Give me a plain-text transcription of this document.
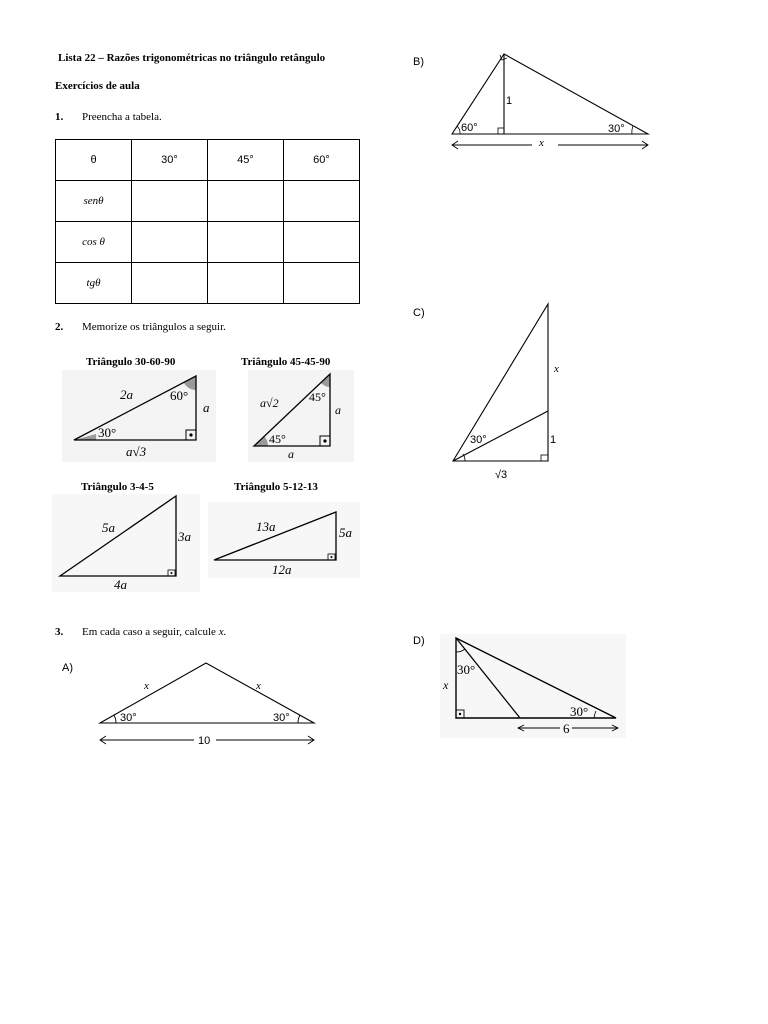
Lista 22 – Razões trigonométricas no triângulo retângulo
Exercícios de aula
1. Preencha a tabela.
θ	30°	45°	60°
senθ			
cos θ			
tgθ			
2. Memorize os triângulos a seguir.
Triângulo 30-60-90	Triângulo 45-45-90
Triângulo 3-4-5	Triângulo 5-12-13
2a	60°
a
30°
a√3
a√2	45°
a
45°
a
5a
3a
4a
13a	5a
12a
3. Em cada caso a seguir, calcule x.
A)
x	x
30°	30°
10
B)
1
60°	30°
x
C)
x
1
30°
√3
D)
30°
x
30°
6
